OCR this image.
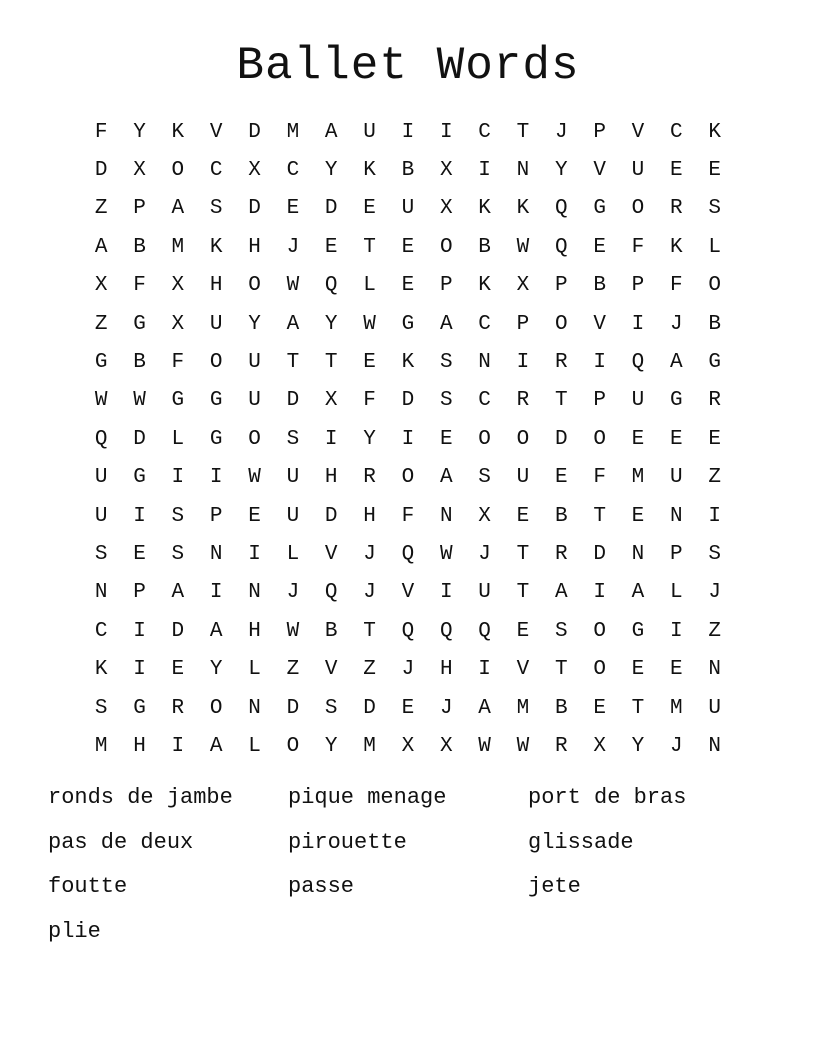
Ballet Words
F	Y	K	V	D	M	A	U	I	I	C	T	J	P	V	C	K
D	X	O	C	X	C	Y	K	B	X	I	N	Y	V	U	E	E
Z	P	A	S	D	E	D	E	U	X	K	K	Q	G	O	R	S
A	B	M	K	H	J	E	T	E	O	B	W	Q	E	F	K	L
X	F	X	H	O	W	Q	L	E	P	K	X	P	B	P	F	O
Z	G	X	U	Y	A	Y	W	G	A	C	P	O	V	I	J	B
G	B	F	O	U	T	T	E	K	S	N	I	R	I	Q	A	G
W	W	G	G	U	D	X	F	D	S	C	R	T	P	U	G	R
Q	D	L	G	O	S	I	Y	I	E	O	O	D	O	E	E	E
U	G	I	I	W	U	H	R	O	A	S	U	E	F	M	U	Z
U	I	S	P	E	U	D	H	F	N	X	E	B	T	E	N	I
S	E	S	N	I	L	V	J	Q	W	J	T	R	D	N	P	S
N	P	A	I	N	J	Q	J	V	I	U	T	A	I	A	L	J
C	I	D	A	H	W	B	T	Q	Q	Q	E	S	O	G	I	Z
K	I	E	Y	L	Z	V	Z	J	H	I	V	T	O	E	E	N
S	G	R	O	N	D	S	D	E	J	A	M	B	E	T	M	U
M	H	I	A	L	O	Y	M	X	X	W	W	R	X	Y	J	N
ronds de jambe	pique menage	port de bras
pas de deux	pirouette	glissade
foutte	passe	jete
plie
